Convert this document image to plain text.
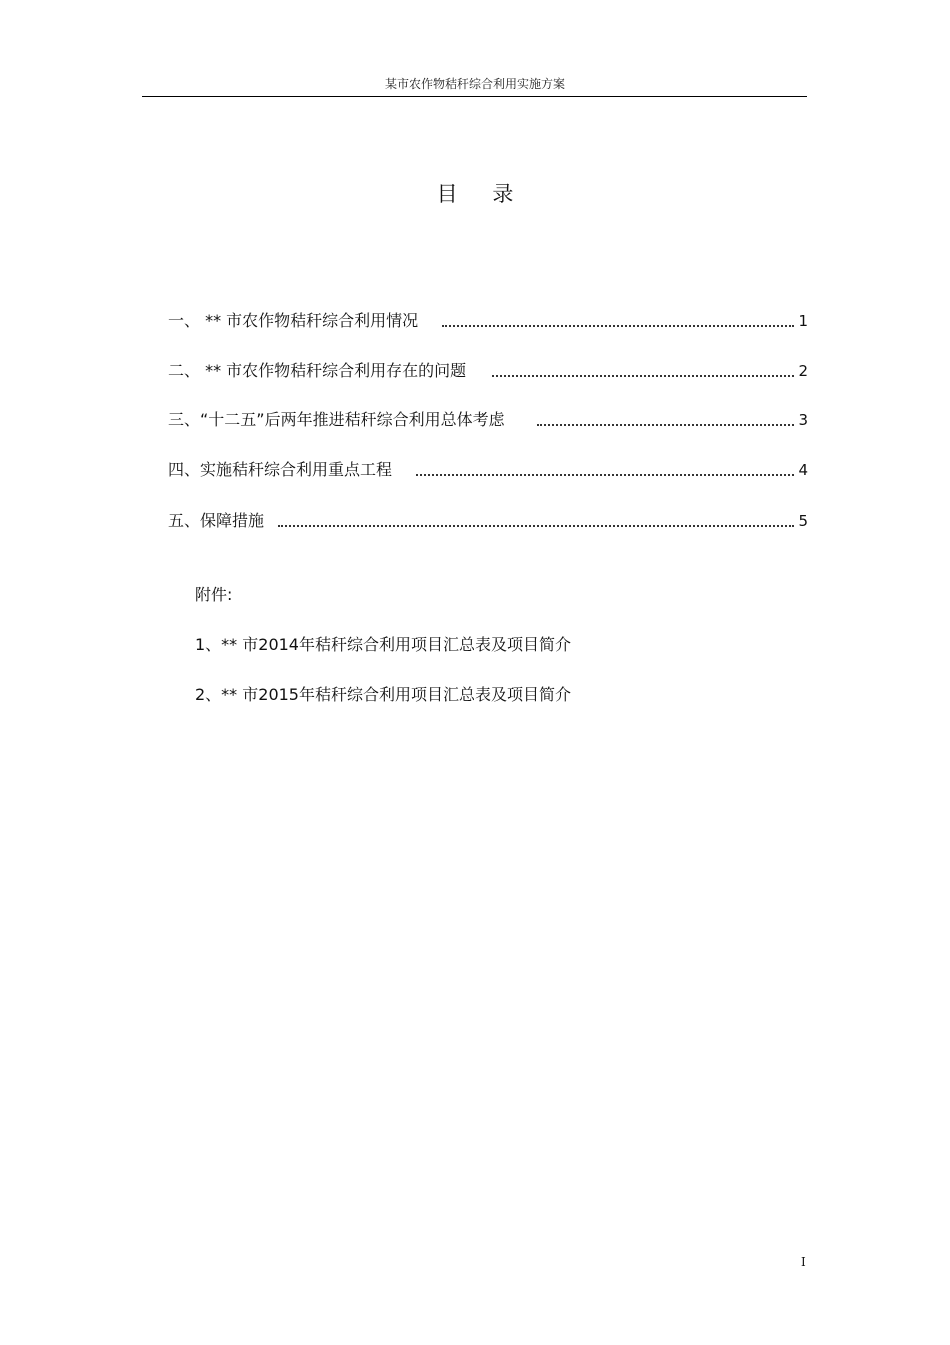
某市农作物秸秆综合利用实施方案
目 录
一、 ** 市农作物秸秆综合利用情况	1
二、 ** 市农作物秸秆综合利用存在的问题	2
三、“十二五”后两年推进秸秆综合利用总体考虑	3
四、实施秸秆综合利用重点工程	4
五、保障措施	5
附件:
1、** 市2014年秸秆综合利用项目汇总表及项目简介
2、** 市2015年秸秆综合利用项目汇总表及项目简介
I
